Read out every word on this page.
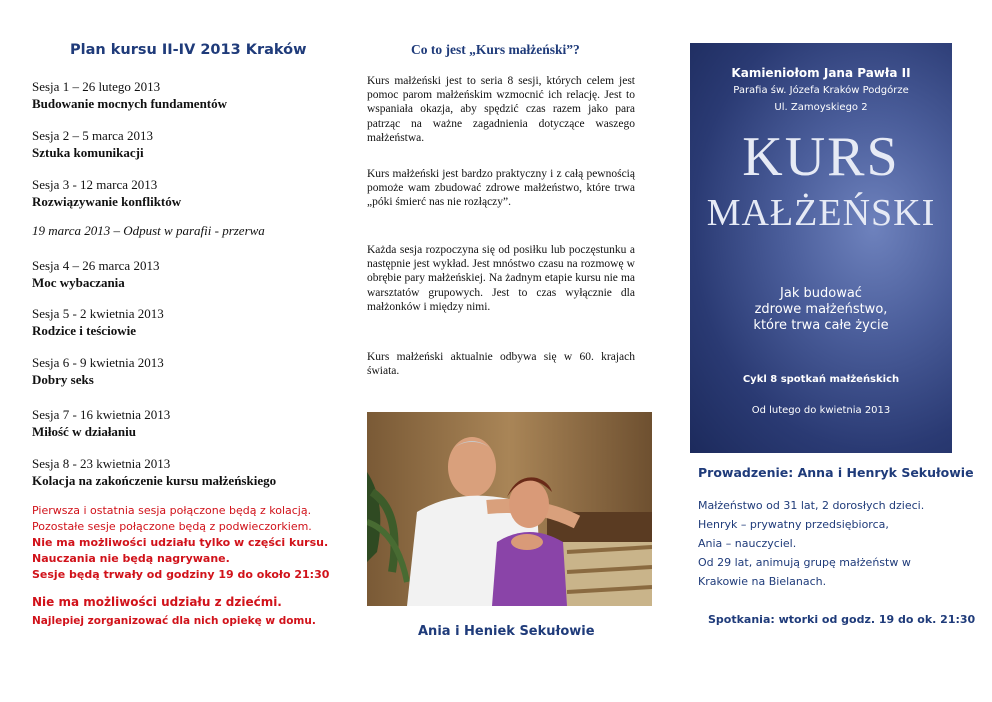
Plan kursu II-IV 2013 Kraków
Sesja 1 – 26 lutego 2013
Budowanie mocnych fundamentów
Sesja 2 – 5 marca 2013
Sztuka komunikacji
Sesja 3 - 12 marca 2013
Rozwiązywanie konfliktów
19 marca 2013 – Odpust w parafii - przerwa
Sesja 4 – 26 marca 2013
Moc wybaczania
Sesja 5 - 2 kwietnia 2013
Rodzice i teściowie
Sesja 6 - 9 kwietnia 2013
Dobry seks
Sesja 7 - 16 kwietnia 2013
Miłość w działaniu
Sesja 8 - 23 kwietnia 2013
Kolacja na zakończenie kursu małżeńskiego
Pierwsza i ostatnia sesja połączone będą z kolacją.
Pozostałe sesje połączone będą z podwieczorkiem.
Nie ma możliwości udziału tylko w części kursu.
Nauczania nie będą nagrywane.
Sesje będą trwały od godziny 19 do około 21:30
Nie ma możliwości udziału z dziećmi.
Najlepiej zorganizować dla nich opiekę w domu.
Co to jest „Kurs małżeński”?
Kurs małżeński jest to seria 8 sesji, których celem jest pomoc parom małżeńskim wzmocnić ich relację. Jest to wspaniała okazja, aby spędzić czas razem jako para patrząc na ważne zagadnienia dotyczące waszego małżeństwa.
Kurs małżeński jest bardzo praktyczny i z całą pewnością pomoże wam zbudować zdrowe małżeństwo, które trwa „póki śmierć nas nie rozłączy”.
Każda sesja rozpoczyna się od posiłku lub poczęstunku a następnie jest wykład. Jest mnóstwo czasu na rozmowę w obrębie pary małżeńskiej. Na żadnym etapie kursu nie ma warsztatów grupowych. Jest to czas wyłącznie dla małżonków i między nimi.
Kurs małżeński aktualnie odbywa się w 60. krajach świata.
Ania i Heniek Sekułowie
Kamieniołom Jana Pawła II
Parafia św. Józefa Kraków Podgórze
Ul. Zamoyskiego 2
KURS
MAŁŻEŃSKI
Jak budować
zdrowe małżeństwo,
które trwa całe życie
Cykl 8 spotkań małżeńskich
Od lutego do kwietnia 2013
Prowadzenie: Anna i Henryk Sekułowie
Małżeństwo od 31 lat, 2 dorosłych dzieci.
Henryk – prywatny przedsiębiorca,
Ania – nauczyciel.
Od 29 lat, animują grupę małżeństw w
Krakowie na Bielanach.
Spotkania: wtorki od godz. 19 do ok. 21:30
